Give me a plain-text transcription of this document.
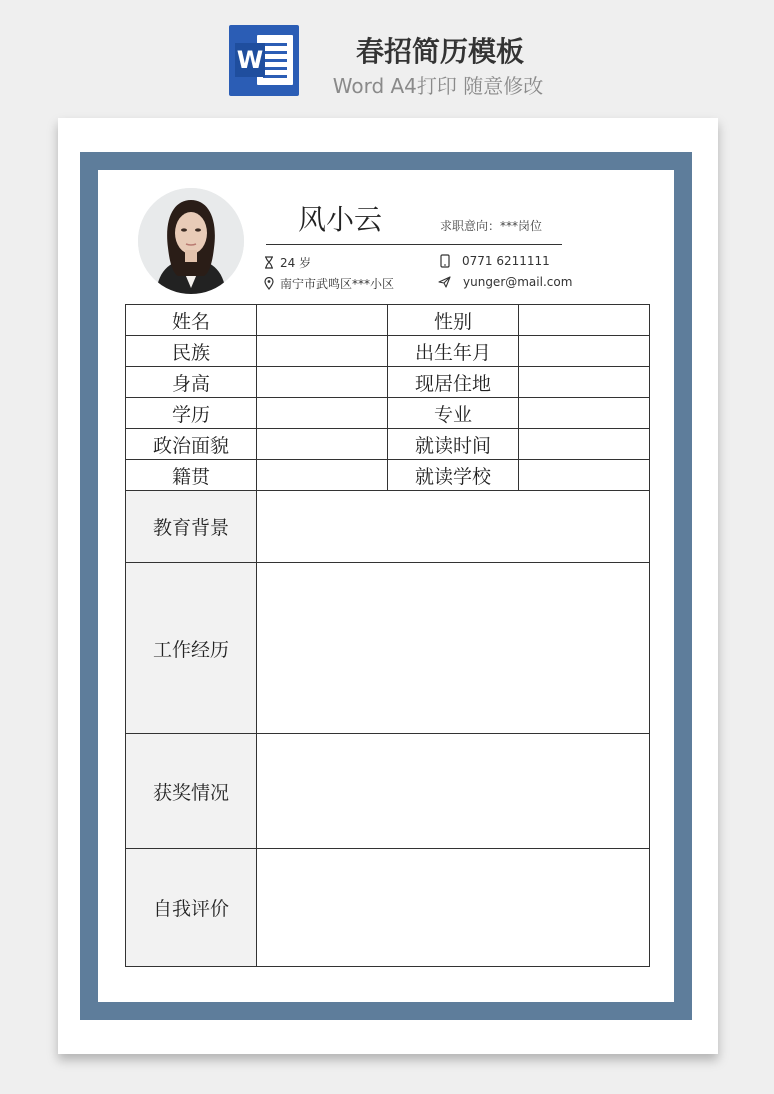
W	春招简历模板
Word A4打印 随意修改
风小云	求职意向：***岗位
24 岁
南宁市武鸣区***小区
0771 6211111
yunger@mail.com
姓名		性别	
民族		出生年月	
身高		现居住地	
学历		专业	
政治面貌		就读时间	
籍贯		就读学校	
教育背景			
工作经历			
获奖情况			
自我评价			
